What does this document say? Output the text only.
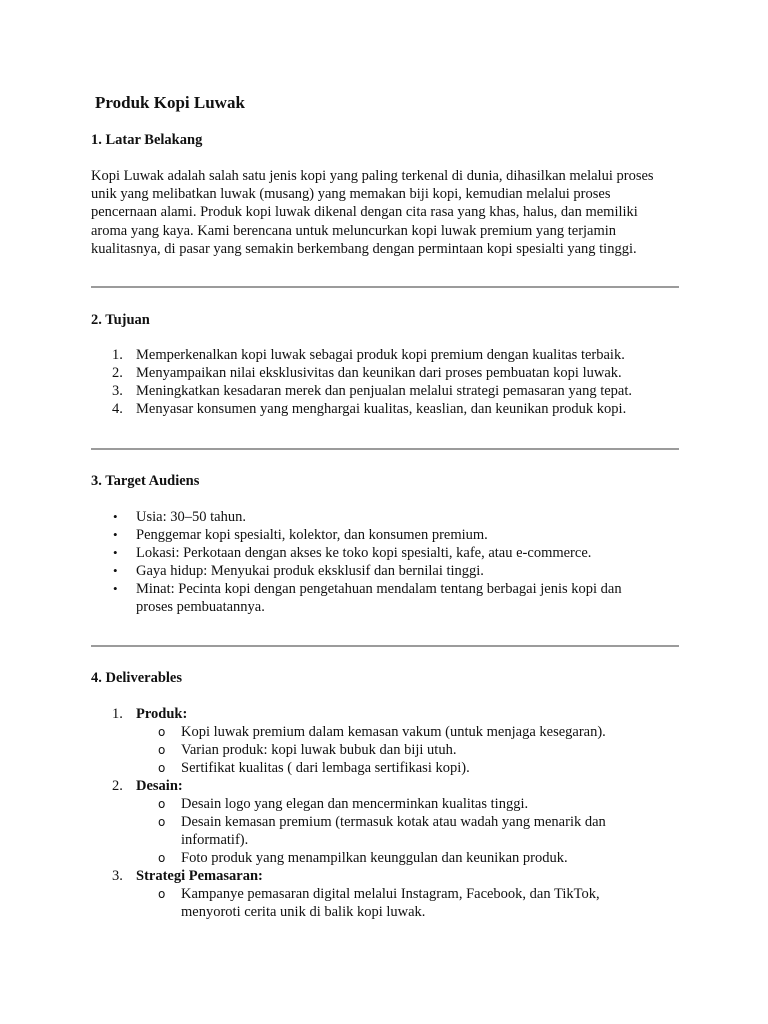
Produk Kopi Luwak
1. Latar Belakang

Kopi Luwak adalah salah satu jenis kopi yang paling terkenal di dunia, dihasilkan melalui proses
unik yang melibatkan luwak (musang) yang memakan biji kopi, kemudian melalui proses
pencernaan alami. Produk kopi luwak dikenal dengan cita rasa yang khas, halus, dan memiliki
aroma yang kaya. Kami berencana untuk meluncurkan kopi luwak premium yang terjamin
kualitasnya, di pasar yang semakin berkembang dengan permintaan kopi spesialti yang tinggi.

2. Tujuan
1. Memperkenalkan kopi luwak sebagai produk kopi premium dengan kualitas terbaik.
2. Menyampaikan nilai eksklusivitas dan keunikan dari proses pembuatan kopi luwak.
3. Meningkatkan kesadaran merek dan penjualan melalui strategi pemasaran yang tepat.
4. Menyasar konsumen yang menghargai kualitas, keaslian, dan keunikan produk kopi.
3. Target Audiens
• Usia: 30–50 tahun.
• Penggemar kopi spesialti, kolektor, dan konsumen premium.
• Lokasi: Perkotaan dengan akses ke toko kopi spesialti, kafe, atau e-commerce.
• Gaya hidup: Menyukai produk eksklusif dan bernilai tinggi.
• Minat: Pecinta kopi dengan pengetahuan mendalam tentang berbagai jenis kopi dan
proses pembuatannya.
4. Deliverables
1. Produk:
o Kopi luwak premium dalam kemasan vakum (untuk menjaga kesegaran).
o Varian produk: kopi luwak bubuk dan biji utuh.
o Sertifikat kualitas ( dari lembaga sertifikasi kopi).
2. Desain:
o Desain logo yang elegan dan mencerminkan kualitas tinggi.
o Desain kemasan premium (termasuk kotak atau wadah yang menarik dan
informatif).
o Foto produk yang menampilkan keunggulan dan keunikan produk.
3. Strategi Pemasaran:
o Kampanye pemasaran digital melalui Instagram, Facebook, dan TikTok,
menyoroti cerita unik di balik kopi luwak.
